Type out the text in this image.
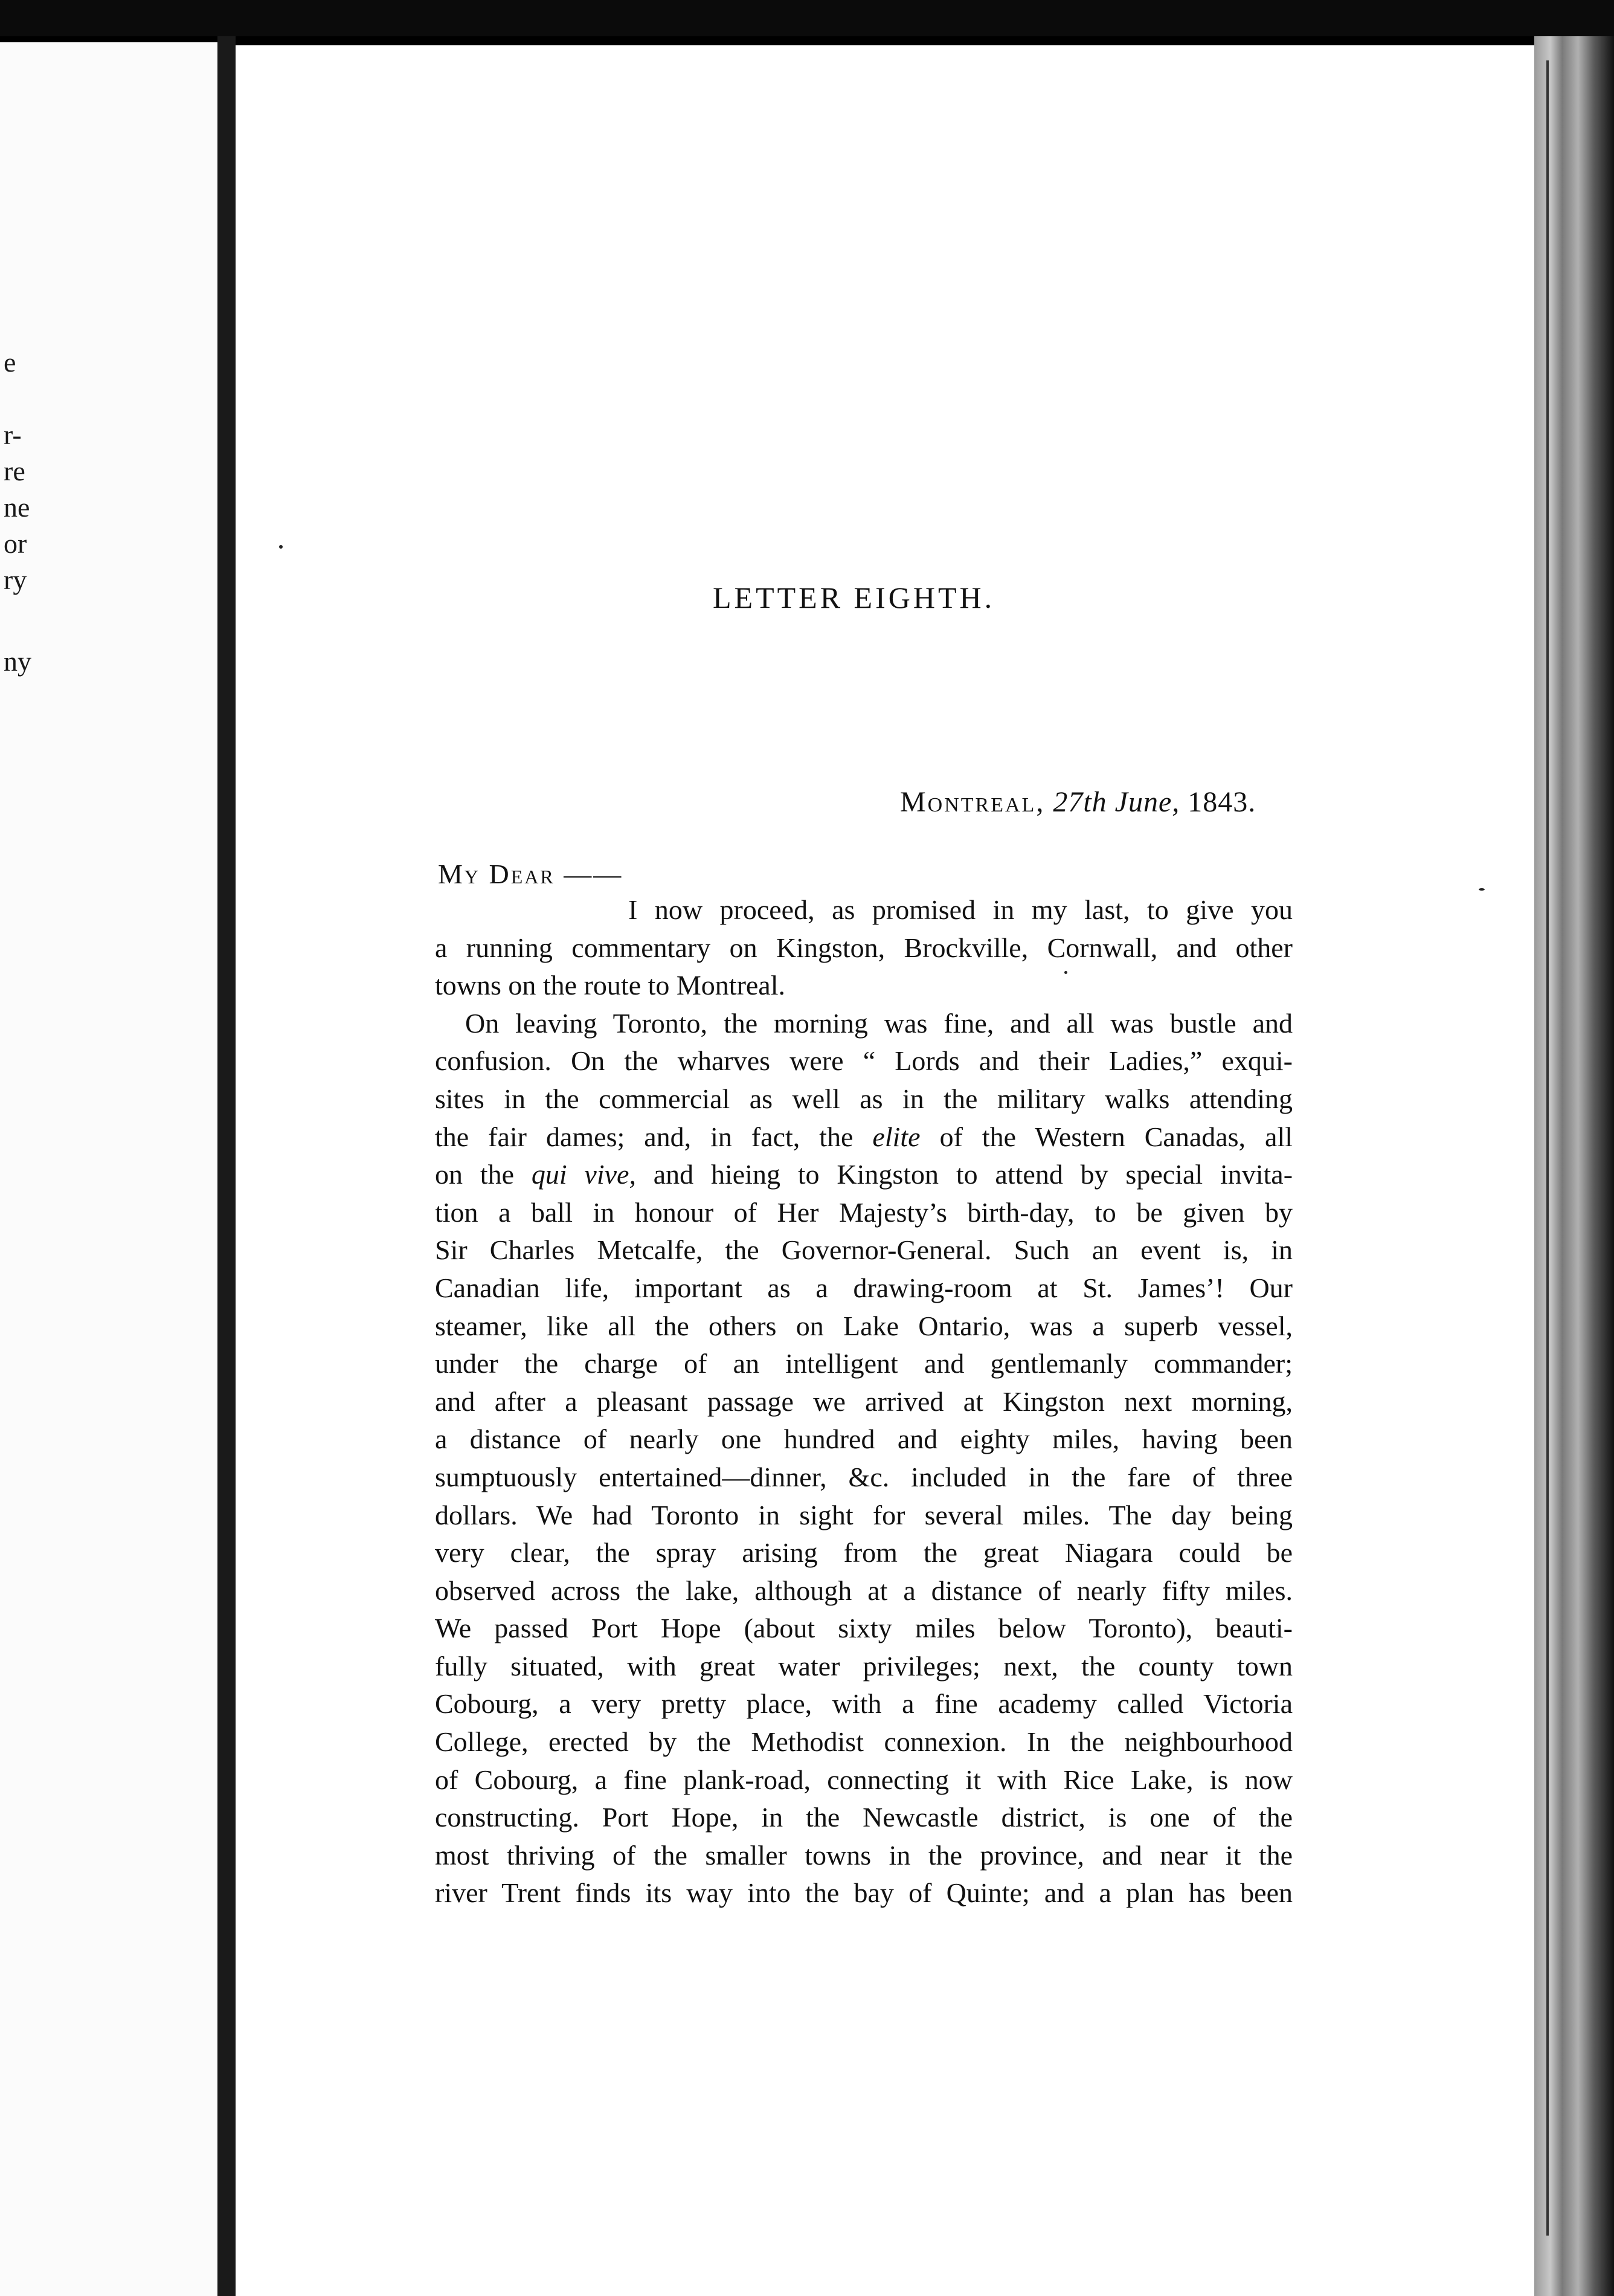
e
r-
re
ne
or
ry
ny
LETTER EIGHTH.
Montreal, 27th June, 1843.
My Dear ——
I now proceed, as promised in my last, to give you
a running commentary on Kingston, Brockville, Cornwall, and other
towns on the route to Montreal.
On leaving Toronto, the morning was fine, and all was bustle and
confusion. On the wharves were “ Lords and their Ladies,” exqui-
sites in the commercial as well as in the military walks attending
the fair dames; and, in fact, the elite of the Western Canadas, all
on the qui vive, and hieing to Kingston to attend by special invita-
tion a ball in honour of Her Majesty’s birth-day, to be given by
Sir Charles Metcalfe, the Governor-General. Such an event is, in
Canadian life, important as a drawing-room at St. James’! Our
steamer, like all the others on Lake Ontario, was a superb vessel,
under the charge of an intelligent and gentlemanly commander;
and after a pleasant passage we arrived at Kingston next morning,
a distance of nearly one hundred and eighty miles, having been
sumptuously entertained—dinner, &c. included in the fare of three
dollars. We had Toronto in sight for several miles. The day being
very clear, the spray arising from the great Niagara could be
observed across the lake, although at a distance of nearly fifty miles.
We passed Port Hope (about sixty miles below Toronto), beauti-
fully situated, with great water privileges; next, the county town
Cobourg, a very pretty place, with a fine academy called Victoria
College, erected by the Methodist connexion. In the neighbourhood
of Cobourg, a fine plank-road, connecting it with Rice Lake, is now
constructing. Port Hope, in the Newcastle district, is one of the
most thriving of the smaller towns in the province, and near it the
river Trent finds its way into the bay of Quinte; and a plan has been
